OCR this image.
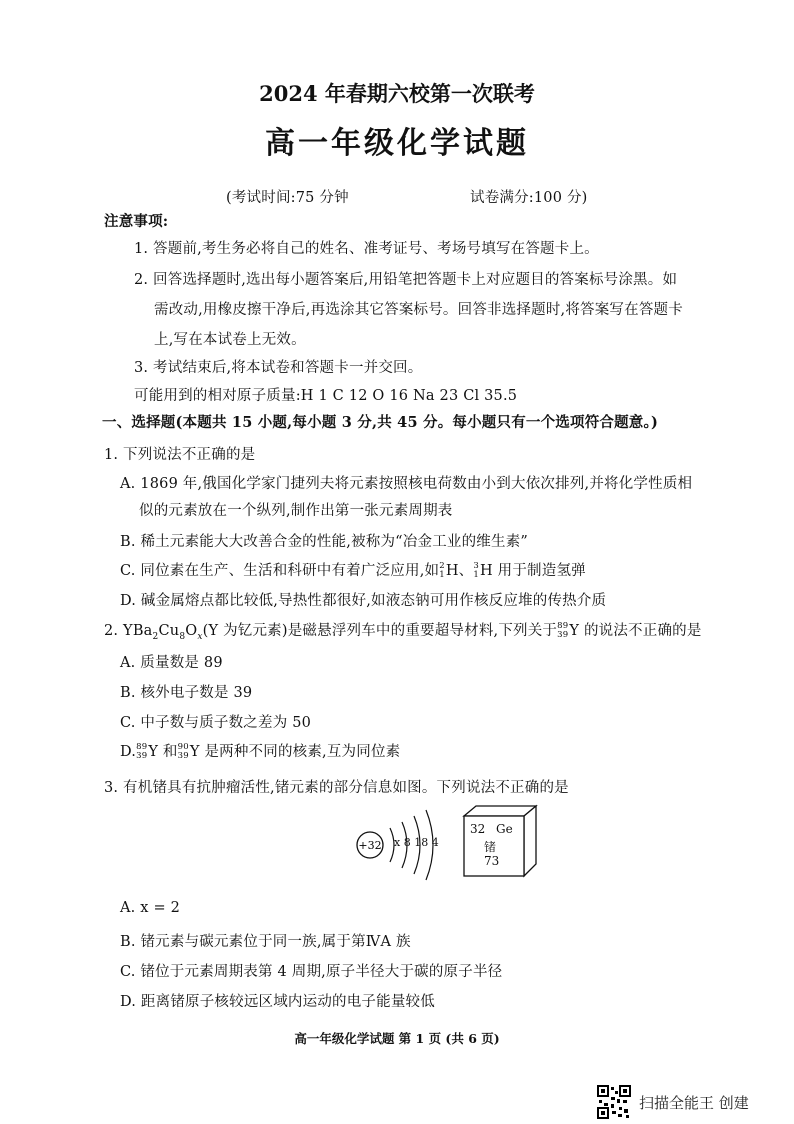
2024 年春期六校第一次联考
高一年级化学试题
(考试时间:75 分钟	试卷满分:100 分)
注意事项:
1. 答题前,考生务必将自己的姓名、准考证号、考场号填写在答题卡上。
2. 回答选择题时,选出每小题答案后,用铅笔把答题卡上对应题目的答案标号涂黑。如
需改动,用橡皮擦干净后,再选涂其它答案标号。回答非选择题时,将答案写在答题卡
上,写在本试卷上无效。
3. 考试结束后,将本试卷和答题卡一并交回。
可能用到的相对原子质量:H 1 C 12 O 16 Na 23 Cl 35.5
一、选择题(本题共 15 小题,每小题 3 分,共 45 分。每小题只有一个选项符合题意。)
1. 下列说法不正确的是
A. 1869 年,俄国化学家门捷列夫将元素按照核电荷数由小到大依次排列,并将化学性质相
似的元素放在一个纵列,制作出第一张元素周期表
B. 稀土元素能大大改善合金的性能,被称为“冶金工业的维生素”
C. 同位素在生产、生活和科研中有着广泛应用,如 2
1 H、 3
1 H 用于制造氢弹
D. 碱金属熔点都比较低,导热性都很好,如液态钠可用作核反应堆的传热介质
2. $YBa_2Cu_8O_x(Y$ 为钇元素)是磁悬浮列车中的重要超导材料,下列关于 89
39 Y 的说法不正确的是
A. 质量数是 89
B. 核外电子数是 39
C. 中子数与质子数之差为 50
D. 89
39 Y 和 90
39 Y 是两种不同的核素,互为同位素
3. 有机锗具有抗肿瘤活性,锗元素的部分信息如图。下列说法不正确的是
+32 x 8 18 4
32 Ge
锗
73
A. x = 2
B. 锗元素与碳元素位于同一族,属于第ⅣA 族
C. 锗位于元素周期表第 4 周期,原子半径大于碳的原子半径
D. 距离锗原子核较远区域内运动的电子能量较低
高一年级化学试题 第 1 页 (共 6 页)
扫描全能王 创建
